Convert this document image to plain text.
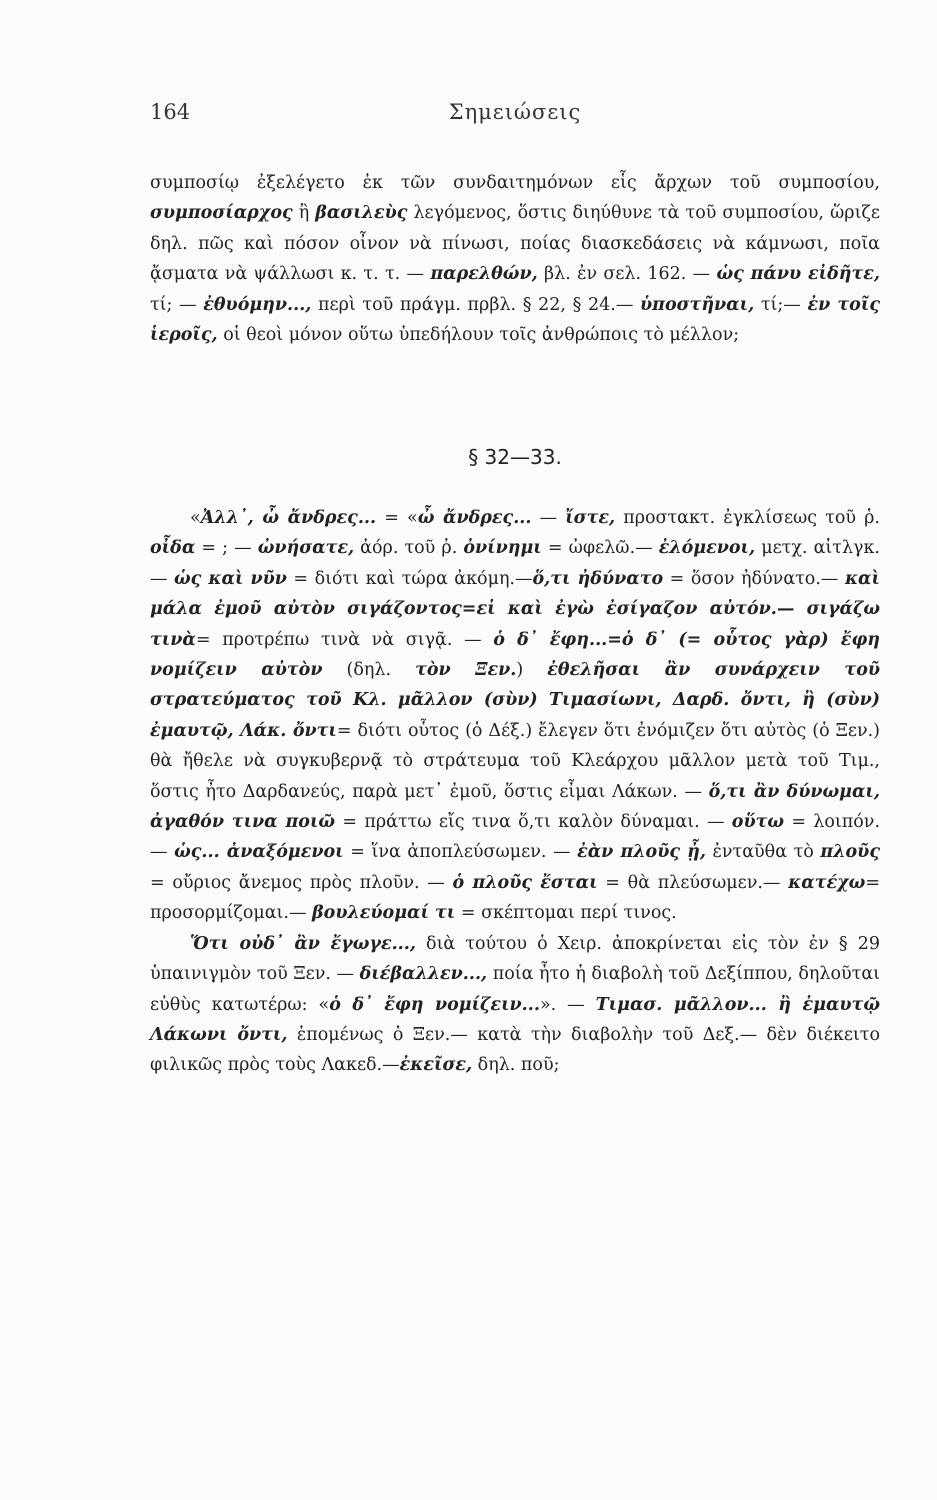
164	Σημειώσεις

συμποσίῳ ἐξελέγετο ἐκ τῶν συνδαιτημόνων εἷς ἄρχων τοῦ συμποσίου, συμποσίαρχος ἢ βασιλεὺς λεγόμενος, ὅστις διηύθυνε τὰ τοῦ συμποσίου, ὥριζε δηλ. πῶς καὶ πόσον οἶνον νὰ πίνωσι, ποίας διασκεδάσεις νὰ κάμνωσι, ποῖα ᾄσματα νὰ ψάλλωσι κ. τ. τ. — παρελθών, βλ. ἐν σελ. 162. — ὡς πάνυ εἰδῆτε, τί; — ἐθυόμην..., περὶ τοῦ πράγμ. πρβλ. § 22, § 24.— ὑποστῆναι, τί;— ἐν τοῖς ἱεροῖς, οἱ θεοὶ μόνον οὕτω ὑπεδήλουν τοῖς ἀνθρώποις τὸ μέλλον;

§ 32—33.

«Ἀλλ᾽, ὦ ἄνδρες... = «ὦ ἄνδρες... — ἴστε, προστακτ. ἐγκλίσεως τοῦ ῥ. οἶδα = ; — ὠνήσατε, ἀόρ. τοῦ ῥ. ὀνίνημι = ὠφελῶ.— ἐλόμενοι, μετχ. αἰτλγκ.— ὡς καὶ νῦν = διότι καὶ τώρα ἀκόμη.—ὅ,τι ἠδύνατο = ὅσον ἠδύνατο.— καὶ μάλα ἐμοῦ αὐτὸν σιγάζοντος=εἰ καὶ ἐγὼ ἐσίγαζον αὐτόν.— σιγάζω τινὰ= προτρέπω τινὰ νὰ σιγᾷ. — ὁ δ᾽ ἔφη...=ὁ δ᾽ (= οὗτος γὰρ) ἔφη νομίζειν αὐτὸν (δηλ. τὸν Ξεν.) ἐθελῆσαι ἂν συνάρχειν τοῦ στρατεύματος τοῦ Κλ. μᾶλλον (σὺν) Τιμασίωνι, Δαρδ. ὄντι, ἢ (σὺν) ἐμαυτῷ, Λάκ. ὄντι= διότι οὗτος (ὁ Δέξ.) ἔλεγεν ὅτι ἐνόμιζεν ὅτι αὐτὸς (ὁ Ξεν.) θὰ ἤθελε νὰ συγκυβερνᾷ τὸ στράτευμα τοῦ Κλεάρχου μᾶλλον μετὰ τοῦ Τιμ., ὅστις ἦτο Δαρδανεύς, παρὰ μετ᾽ ἐμοῦ, ὅστις εἶμαι Λάκων. — ὅ,τι ἂν δύνωμαι, ἀγαθόν τινα ποιῶ = πράττω εἴς τινα ὅ,τι καλὸν δύναμαι. — οὕτω = λοιπόν. — ὡς... ἀναξόμενοι = ἵνα ἀποπλεύσωμεν. — ἐὰν πλοῦς ᾖ, ἐνταῦθα τὸ πλοῦς = οὔριος ἄνεμος πρὸς πλοῦν. — ὁ πλοῦς ἔσται = θὰ πλεύσωμεν.— κατέχω= προσορμίζομαι.— βουλεύομαί τι = σκέπτομαι περί τινος.

Ὅτι οὐδ᾽ ἂν ἔγωγε..., διὰ τούτου ὁ Χειρ. ἀποκρίνεται εἰς τὸν ἐν § 29 ὑπαινιγμὸν τοῦ Ξεν. — διέβαλλεν..., ποία ἦτο ἡ διαβολὴ τοῦ Δεξίππου, δηλοῦται εὐθὺς κατωτέρω: «ὁ δ᾽ ἔφη νομίζειν...». — Τιμασ. μᾶλλον... ἢ ἐμαυτῷ Λάκωνι ὄντι, ἑπομένως ὁ Ξεν.— κατὰ τὴν διαβολὴν τοῦ Δεξ.— δὲν διέκειτο φιλικῶς πρὸς τοὺς Λακεδ.—ἐκεῖσε, δηλ. ποῦ;
